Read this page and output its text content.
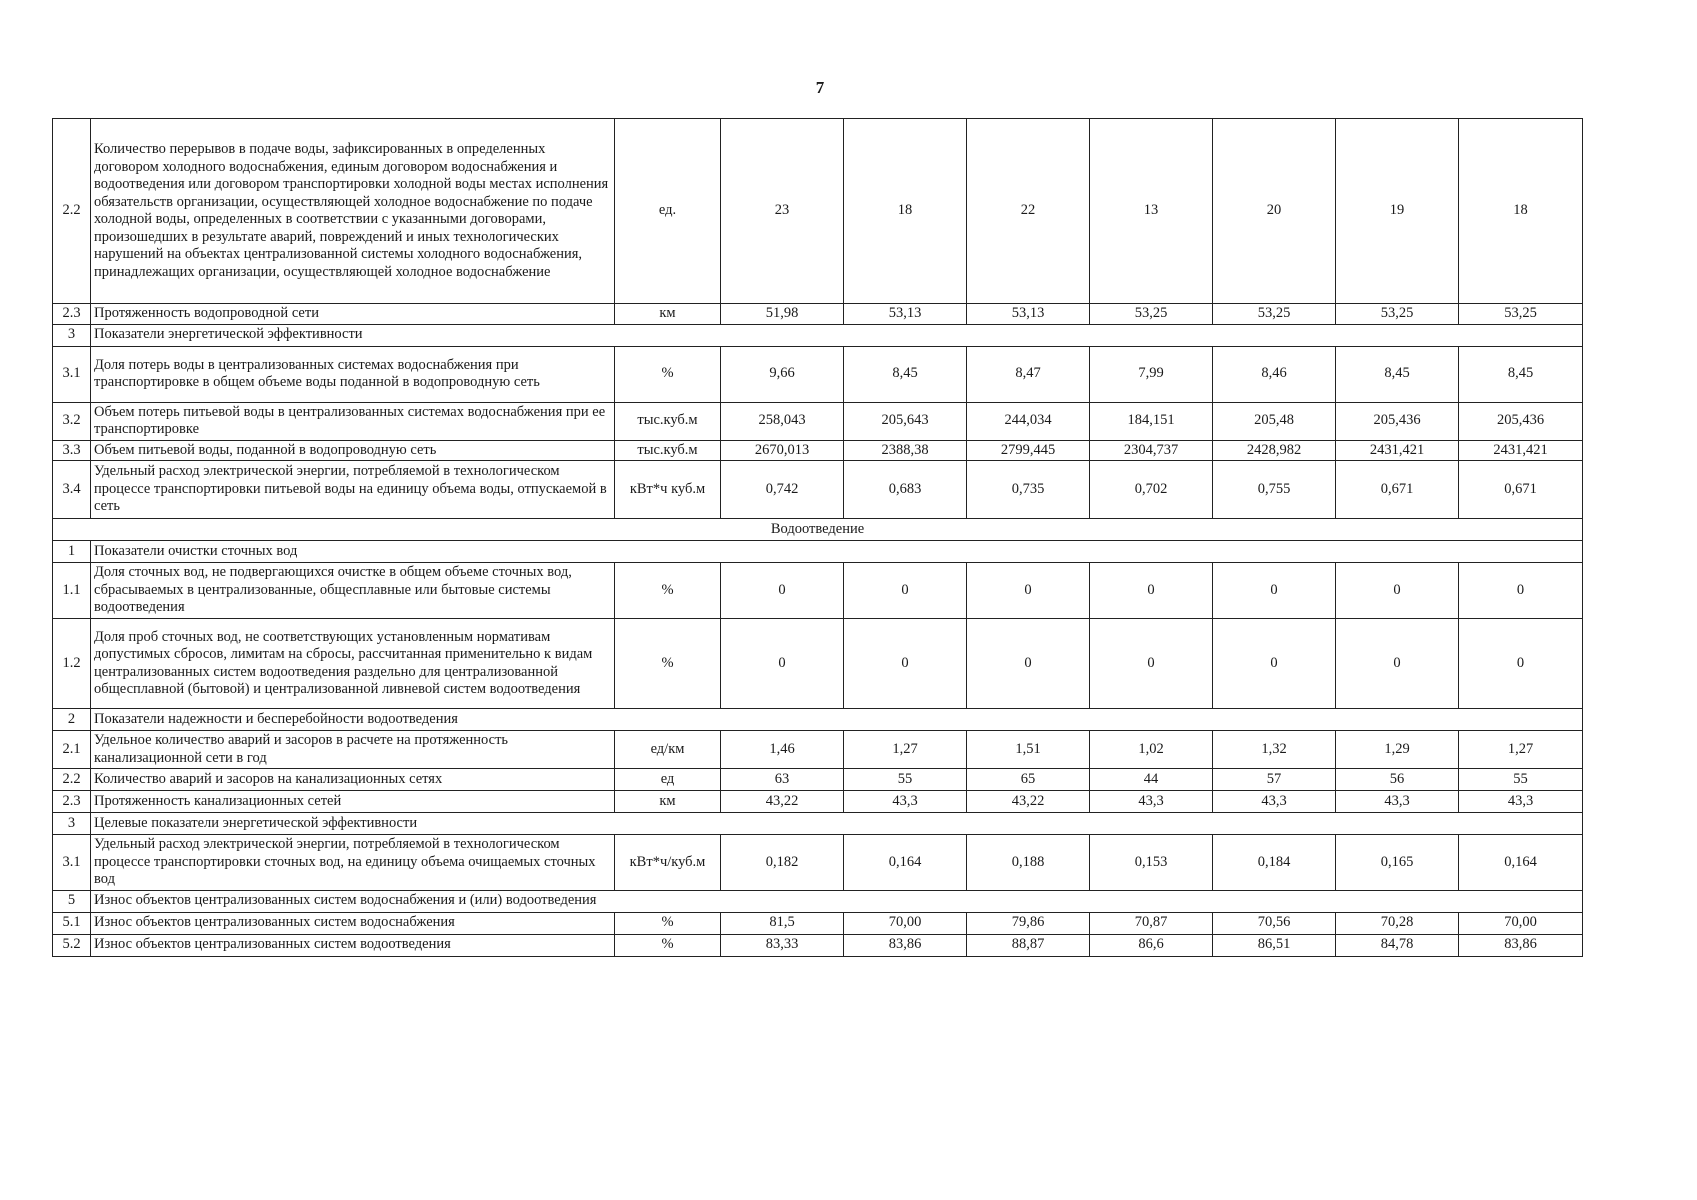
7
2.2	Количество перерывов в подаче воды, зафиксированных в определенных договором холодного водоснабжения, единым договором водоснабжения и водоотведения или договором транспортировки холодной воды местах исполнения обязательств организации, осуществляющей холодное водоснабжение по подаче холодной воды, определенных в соответствии с указанными договорами, произошедших в результате аварий, повреждений и иных технологических нарушений на объектах централизованной системы холодного водоснабжения, принадлежащих организации, осуществляющей холодное водоснабжение	ед.	23	18	22	13	20	19	18
2.3	Протяженность водопроводной сети	км	51,98	53,13	53,13	53,25	53,25	53,25	53,25
3	Показатели энергетической эффективности								
3.1	Доля потерь воды в централизованных системах водоснабжения при транспортировке в общем объеме воды поданной в водопроводную сеть	%	9,66	8,45	8,47	7,99	8,46	8,45	8,45
3.2	Объем потерь питьевой воды в централизованных системах водоснабжения при ее транспортировке	тыс.куб.м	258,043	205,643	244,034	184,151	205,48	205,436	205,436
3.3	Объем питьевой воды, поданной в водопроводную сеть	тыс.куб.м	2670,013	2388,38	2799,445	2304,737	2428,982	2431,421	2431,421
3.4	Удельный расход электрической энергии, потребляемой в технологическом процессе транспортировки питьевой воды на единицу объема воды, отпускаемой в сеть	кВт*ч куб.м	0,742	0,683	0,735	0,702	0,755	0,671	0,671
Водоотведение									
1	Показатели очистки сточных вод								
1.1	Доля сточных вод, не подвергающихся очистке в общем объеме сточных вод, сбрасываемых в централизованные, общесплавные или бытовые системы водоотведения	%	0	0	0	0	0	0	0
1.2	Доля проб сточных вод, не соответствующих установленным нормативам допустимых сбросов, лимитам на сбросы, рассчитанная применительно к видам централизованных систем водоотведения раздельно для централизованной общесплавной (бытовой) и централизованной ливневой систем водоотведения	%	0	0	0	0	0	0	0
2	Показатели надежности и бесперебойности водоотведения								
2.1	Удельное количество аварий и засоров в расчете на протяженность канализационной сети в год	ед/км	1,46	1,27	1,51	1,02	1,32	1,29	1,27
2.2	Количество аварий и засоров на канализационных сетях	ед	63	55	65	44	57	56	55
2.3	Протяженность канализационных сетей	км	43,22	43,3	43,22	43,3	43,3	43,3	43,3
3	Целевые показатели энергетической эффективности								
3.1	Удельный расход электрической энергии, потребляемой в технологическом процессе транспортировки сточных вод, на единицу объема очищаемых сточных вод	кВт*ч/куб.м	0,182	0,164	0,188	0,153	0,184	0,165	0,164
5	Износ объектов централизованных систем водоснабжения и (или) водоотведения								
5.1	Износ объектов централизованных систем водоснабжения	%	81,5	70,00	79,86	70,87	70,56	70,28	70,00
5.2	Износ объектов централизованных систем водоотведения	%	83,33	83,86	88,87	86,6	86,51	84,78	83,86
